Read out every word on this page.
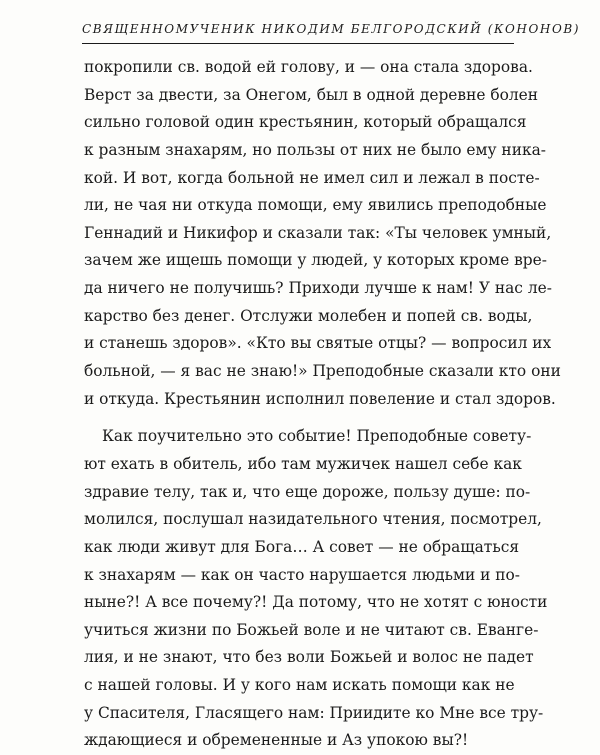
СВЯЩЕННОМУЧЕНИК НИКОДИМ БЕЛГОРОДСКИЙ (КОНОНОВ)
покропили св. водой ей голову, и — она стала здорова.
Верст за двести, за Онегом, был в одной деревне болен
сильно головой один крестьянин, который обращался
к разным знахарям, но пользы от них не было ему никa-
кой. И вот, когда больной не имел сил и лежал в посте-
ли, не чая ни откуда помощи, ему явились преподобные
Геннадий и Никифор и сказали так: «Ты человек умный,
зачем же ищешь помощи у людей, у которых кроме вре-
да ничего не получишь? Приходи лучше к нам! У нас ле-
карство без денег. Отслужи молебен и попей св. воды,
и станешь здоров». «Кто вы святые отцы? — вопросил их
больной, — я вас не знаю!» Преподобные сказали кто они
и откуда. Крестьянин исполнил повеление и стал здоров.
Как поучительно это событие! Преподобные совету-
ют ехать в обитель, ибо там мужичек нашел себе как
здравие телу, так и, что еще дороже, пользу душе: по-
молился, послушал назидательного чтения, посмотрел,
как люди живут для Бога… А совет — не обращаться
к знахарям — как он часто нарушается людьми и по-
ныне?! А все почему?! Да потому, что не хотят с юности
учиться жизни по Божьей воле и не читают св. Еванге-
лия, и не знают, что без воли Божьей и волос не падет
с нашей головы. И у кого нам искать помощи как не
у Спасителя, Гласящего нам: Приидите ко Мне все тру-
ждающиеся и обремененные и Аз упокою вы?!
